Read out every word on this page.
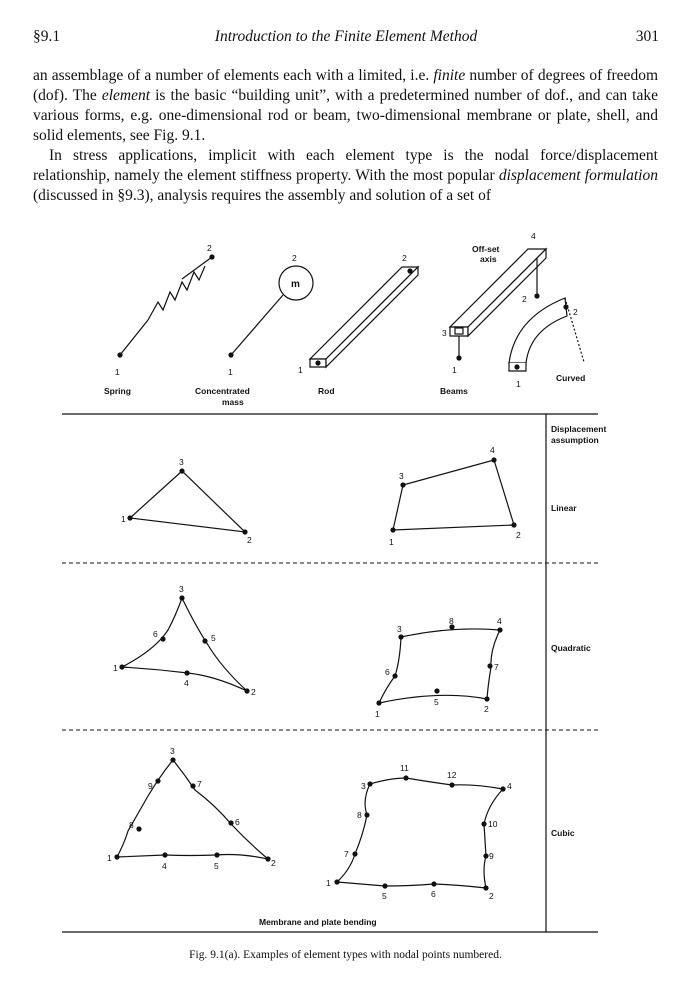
§9.1	Introduction to the Finite Element Method	301

an assemblage of a number of elements each with a limited, i.e. finite number of degrees of freedom (dof). The element is the basic “building unit”, with a predetermined number of dof., and can take various forms, e.g. one-dimensional rod or beam, two-dimensional membrane or plate, shell, and solid elements, see Fig. 9.1.

In stress applications, implicit with each element type is the nodal force/displacement relationship, namely the element stiffness property. With the most popular displacement formulation (discussed in §9.3), analysis requires the assembly and solution of a set of

1
2
Spring
m
1
2
Concentrated
mass
1
2
Rod
3
1
2
4
Off-set
axis
Beams
2
1
Curved
Displacement
assumption
Linear
Quadratic
Cubic
1
3
2	1
3
4
2
1
3
2
6	5
4
1
3
8	4
6	7
5
2
1
3
2
9	7
8	6
4	5
1
3
11
12
4
8
10
7	9
5	6	2
Membrane and plate bending
Fig. 9.1(a). Examples of element types with nodal points numbered.
